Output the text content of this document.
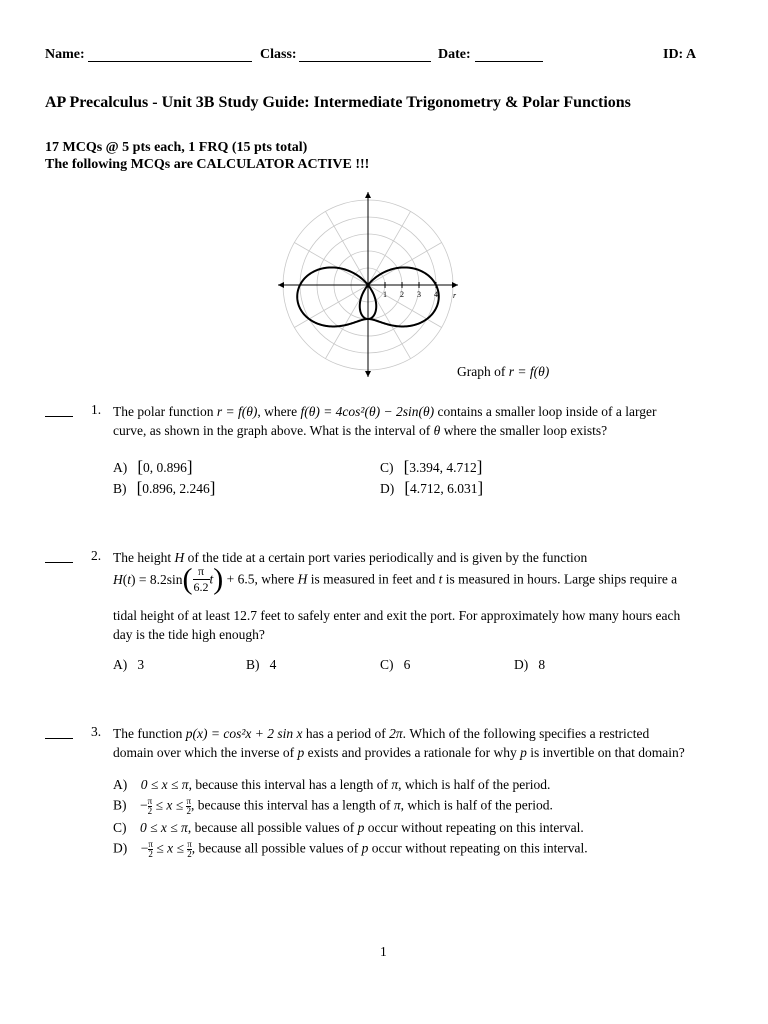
Name:	Class:	Date:	ID: A
AP Precalculus - Unit 3B Study Guide: Intermediate Trigonometry & Polar Functions
17 MCQs @ 5 pts each, 1 FRQ (15 pts total)
The following MCQs are CALCULATOR ACTIVE !!!
1 2 3 4 r
Graph of r = f(θ)
1. The polar function r = f(θ), where f(θ) = 4cos²(θ) − 2sin(θ) contains a smaller loop inside of a larger
curve, as shown in the graph above. What is the interval of θ where the smaller loop exists?
A) [0, 0.896]	C) [3.394, 4.712]
B) [0.896, 2.246]	D) [4.712, 6.031]
2. The height H of the tide at a certain port varies periodically and is given by the function
$H(t) = 8.2\sin( \frac{\pi}{6.2} t) + 6.5$, where H is measured in feet and t is measured in hours. Large ships require a
tidal height of at least 12.7 feet to safely enter and exit the port. For approximately how many hours each
day is the tide high enough?
A) 3	B) 4	C) 6	D) 8
3. The function p(x) = cos²x + 2 sin x has a period of 2π. Which of the following specifies a restricted
domain over which the inverse of p exists and provides a rationale for why p is invertible on that domain?
A) 0 ≤ x ≤ π, because this interval has a length of π, which is half of the period.
B)    − $\frac{\pi}{2} \le x \le \frac{\pi}{2}$ , because this interval has a length of π, which is half of the period.
C) 0 ≤ x ≤ π, because all possible values of p occur without repeating on this interval.
D)    − $\frac{\pi}{2} \le x \le \frac{\pi}{2}$ , because all possible values of p occur without repeating on this interval.
1
